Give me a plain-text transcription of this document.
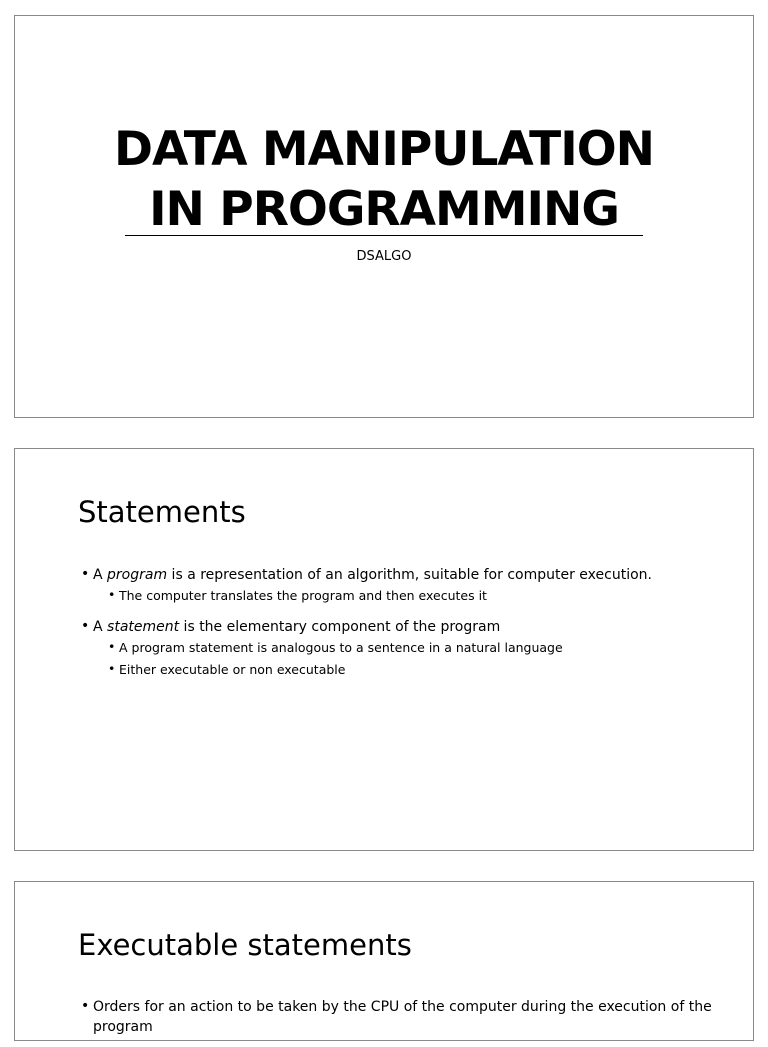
DATA MANIPULATION
IN PROGRAMMING
DSALGO
Statements
• A program is a representation of an algorithm, suitable for computer execution.
• The computer translates the program and then executes it
• A statement is the elementary component of the program
• A program statement is analogous to a sentence in a natural language
• Either executable or non executable
Executable statements
• Orders for an action to be taken by the CPU of the computer during the execution of the program
